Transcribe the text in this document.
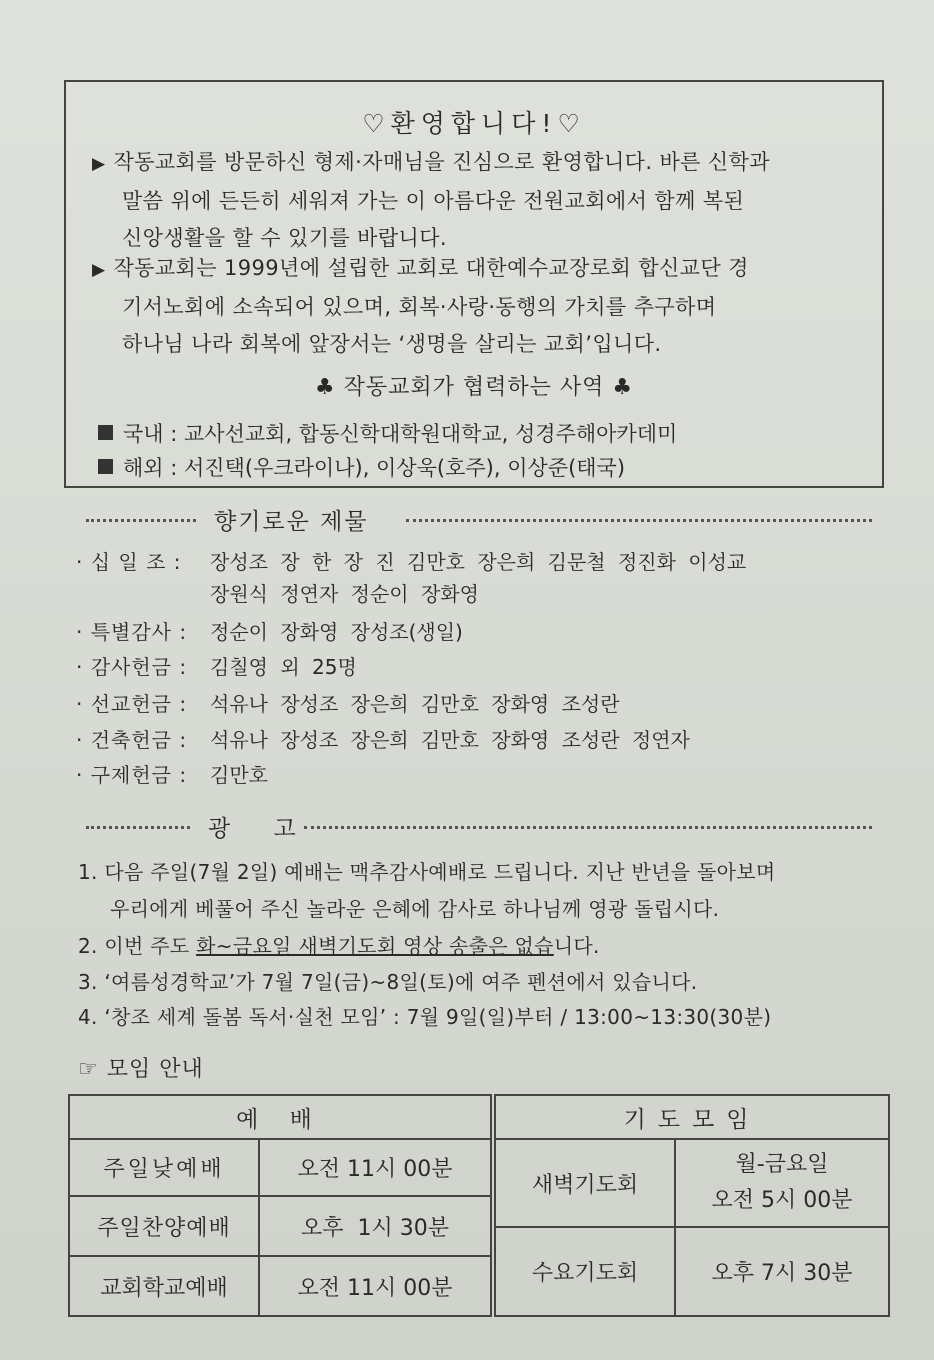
♡환영합니다!♡
▶ 작동교회를 방문하신 형제·자매님을 진심으로 환영합니다. 바른 신학과
말씀 위에 든든히 세워져 가는 이 아름다운 전원교회에서 함께 복된
신앙생활을 할 수 있기를 바랍니다.
▶ 작동교회는 1999년에 설립한 교회로 대한예수교장로회 합신교단 경
기서노회에 소속되어 있으며, 회복·사랑·동행의 가치를 추구하며
하나님 나라 회복에 앞장서는 ‘생명을 살리는 교회’입니다.
♣ 작동교회가 협력하는 사역 ♣
국내 : 교사선교회, 합동신학대학원대학교, 성경주해아카데미
해외 : 서진택(우크라이나), 이상욱(호주), 이상준(태국)
향기로운 제물
· 십 일 조 : 장성조 장 한 장 진 김만호 장은희 김문철 정진화 이성교
장원식 정연자 정순이 장화영
· 특별감사 : 정순이 장화영 장성조(생일)
· 감사헌금 : 김칠영 외 25명
· 선교헌금 : 석유나 장성조 장은희 김만호 장화영 조성란
· 건축헌금 : 석유나 장성조 장은희 김만호 장화영 조성란 정연자
· 구제헌금 : 김만호
광 고
1. 다음 주일(7월 2일) 예배는 맥추감사예배로 드립니다. 지난 반년을 돌아보며
우리에게 베풀어 주신 놀라운 은혜에 감사로 하나님께 영광 돌립시다.
2. 이번 주도 화~금요일 새벽기도회 영상 송출은 없습니다.
3. ‘여름성경학교’가 7월 7일(금)~8일(토)에 여주 펜션에서 있습니다.
4. ‘창조 세계 돌봄 독서·실천 모임’ : 7월 9일(일)부터 / 13:00~13:30(30분)
☞ 모임 안내
예 배	
주일낮예배	오전 11시 00분
주일찬양예배	오후  1시 30분
교회학교예배	오전 11시 00분
기도모임	
새벽기도회	월-금요일
오전 5시 00분

수요기도회	오후 7시 30분
